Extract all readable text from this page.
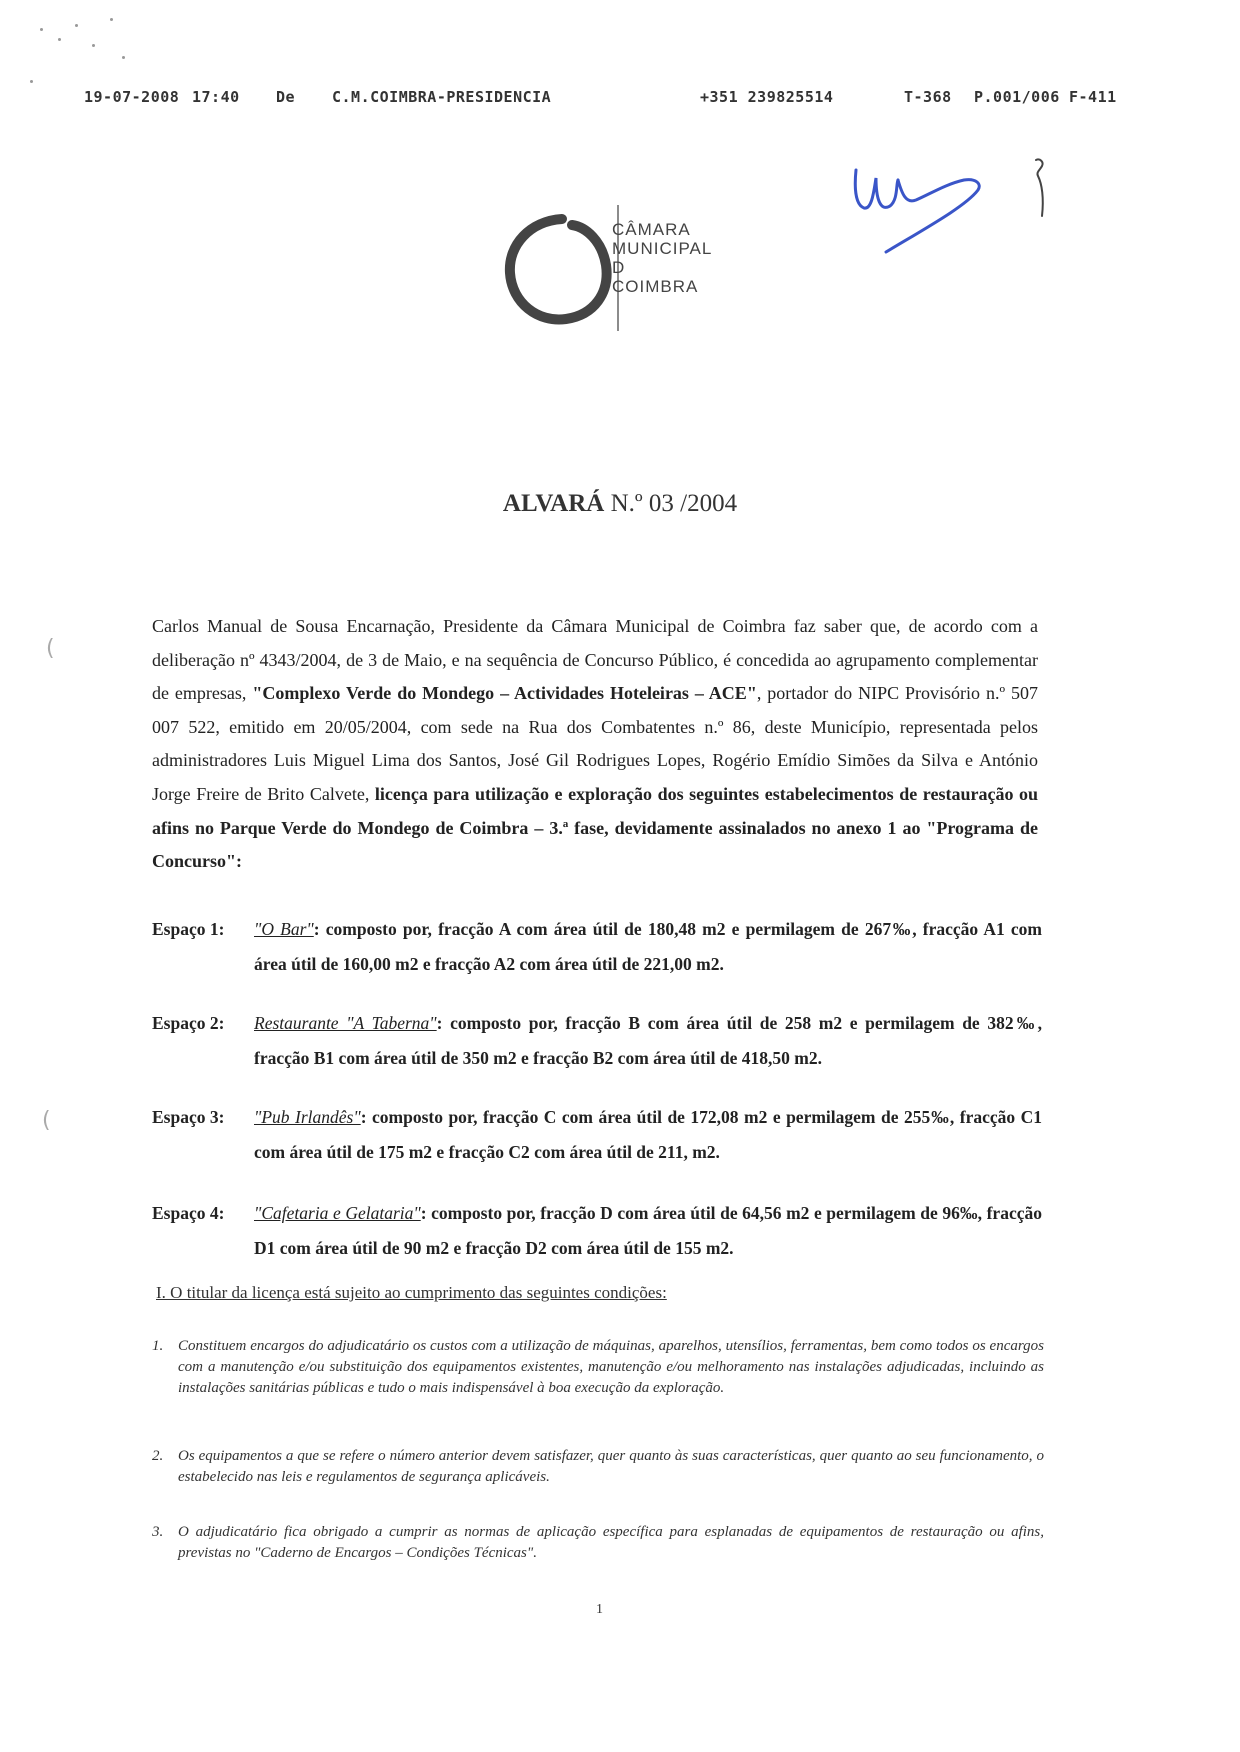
19-07-2008 17:40 De C.M.COIMBRA-PRESIDENCIA	+351 239825514	T-368 P.001/006 F-411
CÂMARA
MUNICIPAL
D
COIMBRA
ALVARÁ N.º 03 /2004
(
(
Carlos Manual de Sousa Encarnação, Presidente da Câmara Municipal de Coimbra faz saber que, de acordo com a deliberação nº 4343/2004, de 3 de Maio, e na sequência de Concurso Público, é concedida ao agrupamento complementar de empresas, "Complexo Verde do Mondego – Actividades Hoteleiras – ACE", portador do NIPC Provisório n.º 507 007 522, emitido em 20/05/2004, com sede na Rua dos Combatentes n.º 86, deste Município, representada pelos administradores Luis Miguel Lima dos Santos, José Gil Rodrigues Lopes, Rogério Emídio Simões da Silva e António Jorge Freire de Brito Calvete, licença para utilização e exploração dos seguintes estabelecimentos de restauração ou afins no Parque Verde do Mondego de Coimbra – 3.ª fase, devidamente assinalados no anexo 1 ao "Programa de Concurso":
Espaço 1: "O Bar": composto por, fracção A com área útil de 180,48 m2 e permilagem de 267‰, fracção A1 com área útil de 160,00 m2 e fracção A2 com área útil de 221,00 m2.
Espaço 2: Restaurante "A Taberna": composto por, fracção B com área útil de 258 m2 e permilagem de 382‰, fracção B1 com área útil de 350 m2 e fracção B2 com área útil de 418,50 m2.
Espaço 3: "Pub Irlandês": composto por, fracção C com área útil de 172,08 m2 e permilagem de 255‰, fracção C1 com área útil de 175 m2 e fracção C2 com área útil de 211, m2.
Espaço 4: "Cafetaria e Gelataria": composto por, fracção D com área útil de 64,56 m2 e permilagem de 96‰, fracção D1 com área útil de 90 m2 e fracção D2 com área útil de 155 m2.
I. O titular da licença está sujeito ao cumprimento das seguintes condições:
1. Constituem encargos do adjudicatário os custos com a utilização de máquinas, aparelhos, utensílios, ferramentas, bem como todos os encargos com a manutenção e/ou substituição dos equipamentos existentes, manutenção e/ou melhoramento nas instalações adjudicadas, incluindo as instalações sanitárias públicas e tudo o mais indispensável à boa execução da exploração.
2. Os equipamentos a que se refere o número anterior devem satisfazer, quer quanto às suas características, quer quanto ao seu funcionamento, o estabelecido nas leis e regulamentos de segurança aplicáveis.
3. O adjudicatário fica obrigado a cumprir as normas de aplicação específica para esplanadas de equipamentos de restauração ou afins, previstas no "Caderno de Encargos – Condições Técnicas".
1
